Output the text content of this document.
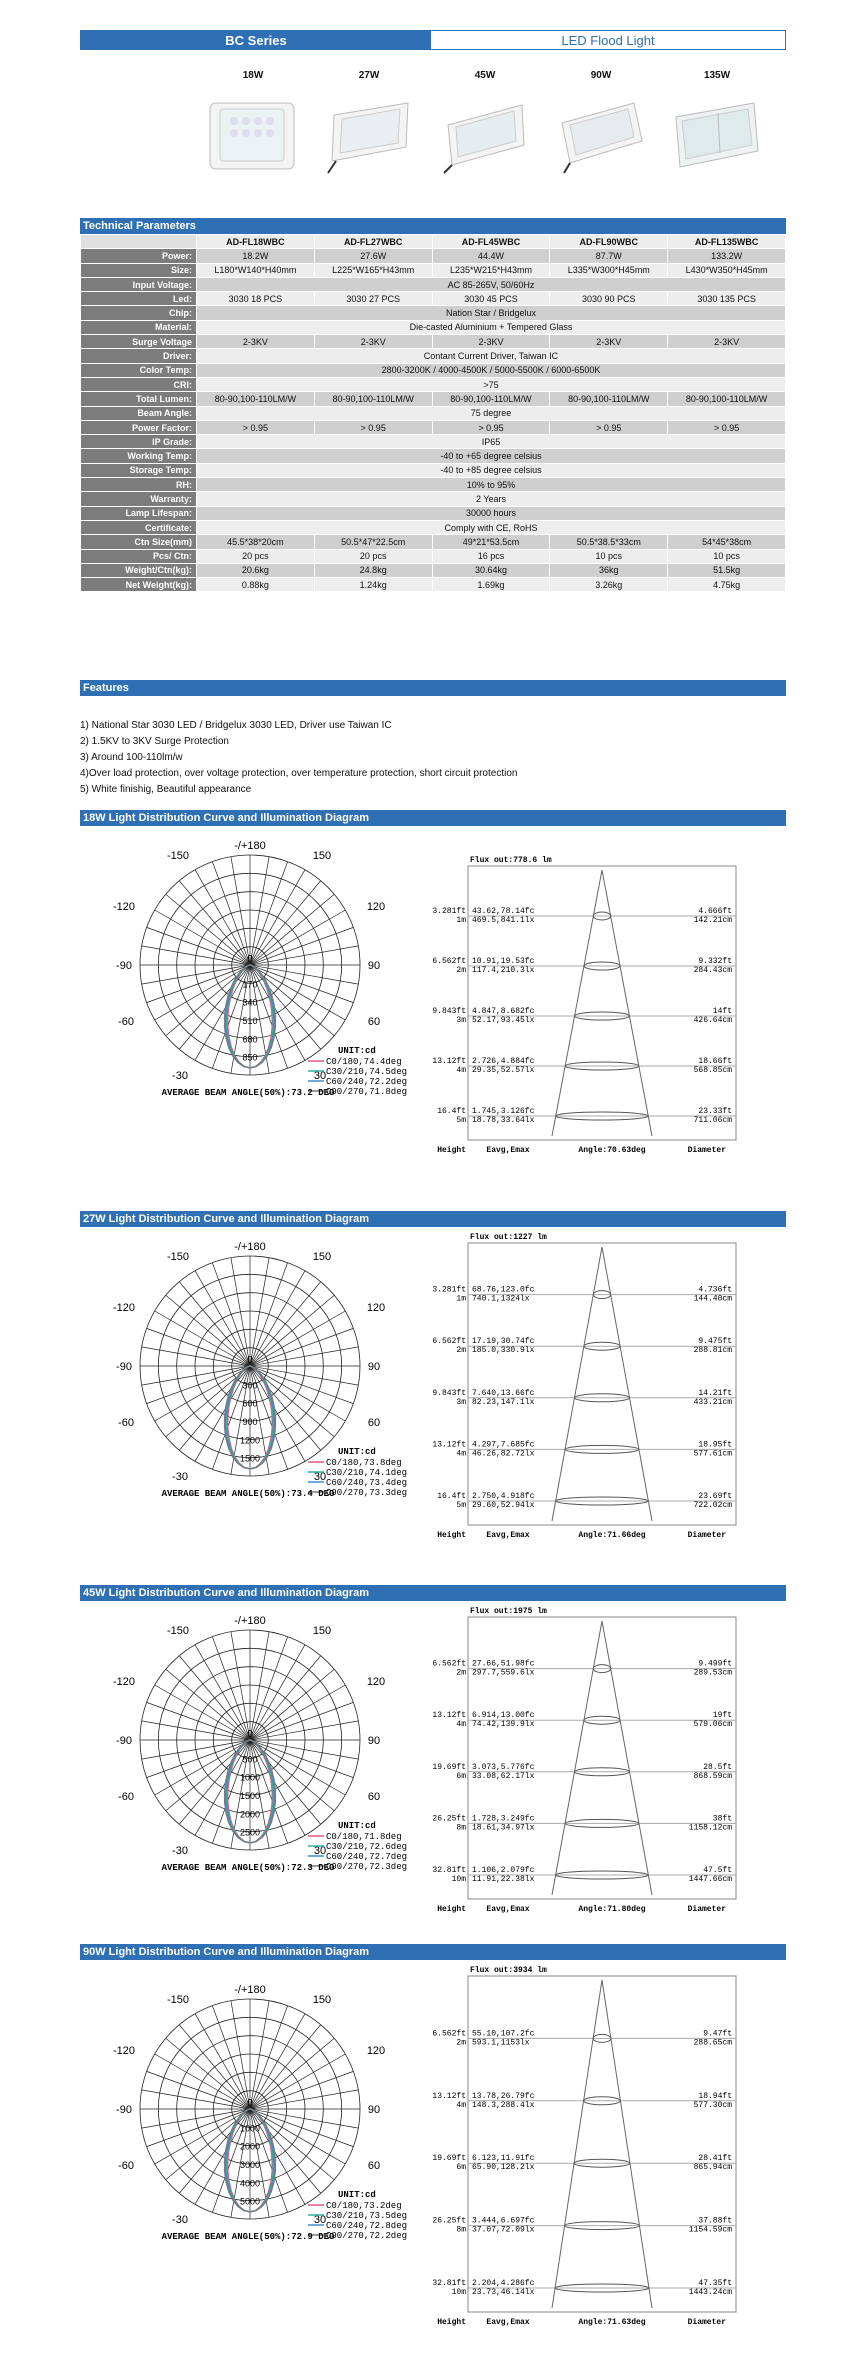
BC Series	LED Flood Light
18W	27W	45W	90W	135W
Technical Parameters
	AD-FL18WBC	AD-FL27WBC	AD-FL45WBC	AD-FL90WBC	AD-FL135WBC
Power:	18.2W	27.6W	44.4W	87.7W	133.2W
Size:	L180*W140*H40mm	L225*W165*H43mm	L235*W215*H43mm	L335*W300*H45mm	L430*W350*H45mm
Input Voltage:	AC 85-265V, 50/60Hz				
Led:	3030 18 PCS	3030 27 PCS	3030 45 PCS	3030 90 PCS	3030 135 PCS
Chip:	Nation Star / Bridgelux				
Material:	Die-casted Aluminium + Tempered Glass				
Surge Voltage	2-3KV	2-3KV	2-3KV	2-3KV	2-3KV
Driver:	Contant Current Driver, Taiwan IC				
Color Temp:	2800-3200K / 4000-4500K / 5000-5500K / 6000-6500K				
CRI:	>75				
Total Lumen:	80-90,100-110LM/W	80-90,100-110LM/W	80-90,100-110LM/W	80-90,100-110LM/W	80-90,100-110LM/W
Beam Angle:	75 degree				
Power Factor:	> 0.95	> 0.95	> 0.95	> 0.95	> 0.95
IP Grade:	IP65				
Working Temp:	-40 to +65 degree celsius				
Storage Temp:	-40 to +85 degree celsius				
RH:	10% to 95%				
Warranty:	2 Years				
Lamp Lifespan:	30000 hours				
Certificate:	Comply with CE, RoHS				
Ctn Size(mm)	45.5*38*20cm	50.5*47*22.5cm	49*21*53.5cm	50.5*38.5*33cm	54*45*38cm
Pcs/ Ctn:	20 pcs	20 pcs	16 pcs	10 pcs	10 pcs
Weight/Ctn(kg):	20.6kg	24.8kg	30.64kg	36kg	51.5kg
Net Weight(kg):	0.88kg	1.24kg	1.69kg	3.26kg	4.75kg
Features
1) National Star 3030 LED / Bridgelux 3030 LED, Driver use Taiwan IC
2) 1.5KV to 3KV Surge Protection
3) Around 100-110lm/w
4)Over load protection, over voltage protection, over temperature protection, short circuit protection
5) White finishig, Beautiful appearance
18W Light Distribution Curve and Illumination Diagram
-/+180
-150	150
-120	120
-90	90
-60	60
-30	30
0
170
340
510
680
850
UNIT:cd
C0/180,74.4deg
C30/210,74.5deg
C60/240,72.2deg
C90/270,71.8deg
AVERAGE BEAM ANGLE(50%):73.2 DEG
Flux out:778.6 lm
3.281ft
1m
43.62,78.14fc
469.5,841.1lx
4.666ft
142.21cm
6.562ft
2m
10.91,19.53fc
117.4,210.3lx
9.332ft
284.43cm
9.843ft
3m
4.847,8.682fc
52.17,93.45lx
14ft
426.64cm
13.12ft
4m
2.726,4.884fc
29.35,52.57lx
18.66ft
568.85cm
16.4ft
5m
1.745,3.126fc
18.78,33.64lx
23.33ft
711.06cm
Height	Eavg,Emax	Angle:70.63deg	Diameter
27W Light Distribution Curve and Illumination Diagram
-/+180
-150	150
-120	120
-90	90
-60	60
-30	30
0
300
600
900
1200
1500
UNIT:cd
C0/180,73.8deg
C30/210,74.1deg
C60/240,73.4deg
C90/270,73.3deg
AVERAGE BEAM ANGLE(50%):73.4 DEG
Flux out:1227 lm
3.281ft
1m
68.76,123.0fc
740.1,1324lx
4.736ft
144.40cm
6.562ft
2m
17.19,30.74fc
185.0,330.9lx
9.475ft
288.81cm
9.843ft
3m
7.640,13.66fc
82.23,147.1lx
14.21ft
433.21cm
13.12ft
4m
4.297,7.685fc
46.26,82.72lx
18.95ft
577.61cm
16.4ft
5m
2.750,4.918fc
29.60,52.94lx
23.69ft
722.02cm
Height	Eavg,Emax	Angle:71.66deg	Diameter
45W Light Distribution Curve and Illumination Diagram
-/+180
-150	150
-120	120
-90	90
-60	60
-30	30
0
500
1000
1500
2000
2500
UNIT:cd
C0/180,71.8deg
C30/210,72.6deg
C60/240,72.7deg
C90/270,72.3deg
AVERAGE BEAM ANGLE(50%):72.3 DEG
Flux out:1975 lm
6.562ft
2m
27.66,51.98fc
297.7,559.6lx
9.499ft
289.53cm
13.12ft
4m
6.914,13.00fc
74.42,139.9lx
19ft
579.06cm
19.69ft
6m
3.073,5.776fc
33.08,62.17lx
28.5ft
868.59cm
26.25ft
8m
1.728,3.249fc
18.61,34.97lx
38ft
1158.12cm
32.81ft
10m
1.106,2.079fc
11.91,22.38lx
47.5ft
1447.66cm
Height	Eavg,Emax	Angle:71.80deg	Diameter
90W Light Distribution Curve and Illumination Diagram
-/+180
-150	150
-120	120
-90	90
-60	60
-30	30
0
1000
2000
3000
4000
5000
UNIT:cd
C0/180,73.2deg
C30/210,73.5deg
C60/240,72.8deg
C90/270,72.2deg
AVERAGE BEAM ANGLE(50%):72.9 DEG
Flux out:3934 lm
6.562ft
2m
55.10,107.2fc
593.1,1153lx
9.47ft
288.65cm
13.12ft
4m
13.78,26.79fc
148.3,288.4lx
18.94ft
577.30cm
19.69ft
6m
6.123,11.91fc
65.90,128.2lx
28.41ft
865.94cm
26.25ft
8m
3.444,6.697fc
37.07,72.09lx
37.88ft
1154.59cm
32.81ft
10m
2.204,4.286fc
23.73,46.14lx
47.35ft
1443.24cm
Height	Eavg,Emax	Angle:71.63deg	Diameter
